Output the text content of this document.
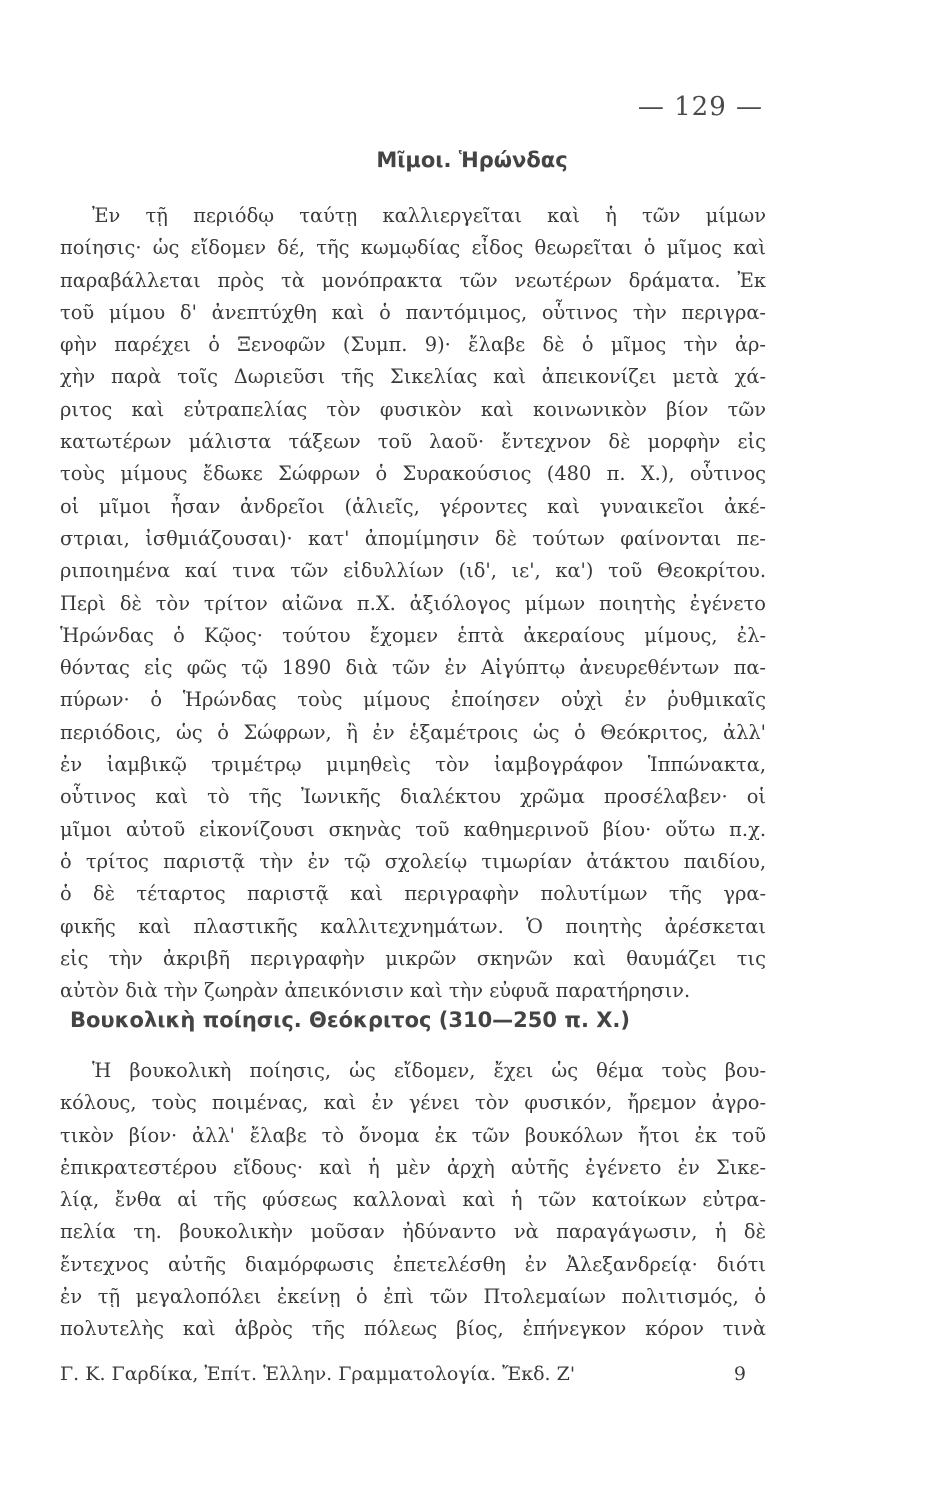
— 129 —
Μῖμοι. Ἡρώνδας
Ἐν τῇ περιόδῳ ταύτῃ καλλιεργεῖται καὶ ἡ τῶν μίμων
ποίησις· ὡς εἴδομεν δέ, τῆς κωμῳδίας εἶδος θεωρεῖται ὁ μῖμος καὶ
παραβάλλεται πρὸς τὰ μονόπρακτα τῶν νεωτέρων δράματα. Ἐκ
τοῦ μίμου δ' ἀνεπτύχθη καὶ ὁ παντόμιμος, οὗτινος τὴν περιγρα-
φὴν παρέχει ὁ Ξενοφῶν (Συμπ. 9)· ἔλαβε δὲ ὁ μῖμος τὴν ἀρ-
χὴν παρὰ τοῖς Δωριεῦσι τῆς Σικελίας καὶ ἀπεικονίζει μετὰ χά-
ριτος καὶ εὐτραπελίας τὸν φυσικὸν καὶ κοινωνικὸν βίον τῶν
κατωτέρων μάλιστα τάξεων τοῦ λαοῦ· ἔντεχνον δὲ μορφὴν εἰς
τοὺς μίμους ἔδωκε Σώφρων ὁ Συρακούσιος (480 π. Χ.), οὗτινος
οἱ μῖμοι ἦσαν ἀνδρεῖοι (ἁλιεῖς, γέροντες καὶ γυναικεῖοι ἀκέ-
στριαι, ἰσθμιάζουσαι)· κατ' ἀπομίμησιν δὲ τούτων φαίνονται πε-
ριποιημένα καί τινα τῶν εἰδυλλίων (ιδ', ιε', κα') τοῦ Θεοκρίτου.
Περὶ δὲ τὸν τρίτον αἰῶνα π.Χ. ἀξιόλογος μίμων ποιητὴς ἐγένετο
Ἡρώνδας ὁ Κῷος· τούτου ἔχομεν ἑπτὰ ἀκεραίους μίμους, ἐλ-
θόντας εἰς φῶς τῷ 1890 διὰ τῶν ἐν Αἰγύπτῳ ἀνευρεθέντων πα-
πύρων· ὁ Ἡρώνδας τοὺς μίμους ἐποίησεν οὐχὶ ἐν ῥυθμικαῖς
περιόδοις, ὡς ὁ Σώφρων, ἢ ἐν ἑξαμέτροις ὡς ὁ Θεόκριτος, ἀλλ'
ἐν ἰαμβικῷ τριμέτρῳ μιμηθεὶς τὸν ἰαμβογράφον Ἱππώνακτα,
οὗτινος καὶ τὸ τῆς Ἰωνικῆς διαλέκτου χρῶμα προσέλαβεν· οἱ
μῖμοι αὐτοῦ εἰκονίζουσι σκηνὰς τοῦ καθημερινοῦ βίου· οὕτω π.χ.
ὁ τρίτος παριστᾷ τὴν ἐν τῷ σχολείῳ τιμωρίαν ἀτάκτου παιδίου,
ὁ δὲ τέταρτος παριστᾷ καὶ περιγραφὴν πολυτίμων τῆς γρα-
φικῆς καὶ πλαστικῆς καλλιτεχνημάτων. Ὁ ποιητὴς ἀρέσκεται
εἰς τὴν ἀκριβῆ περιγραφὴν μικρῶν σκηνῶν καὶ θαυμάζει τις
αὐτὸν διὰ τὴν ζωηρὰν ἀπεικόνισιν καὶ τὴν εὐφυᾶ παρατήρησιν.
Βουκολικὴ ποίησις. Θεόκριτος (310—250 π. Χ.)
Ἡ βουκολικὴ ποίησις, ὡς εἴδομεν, ἔχει ὡς θέμα τοὺς βου-
κόλους, τοὺς ποιμένας, καὶ ἐν γένει τὸν φυσικόν, ἤρεμον ἀγρο-
τικὸν βίον· ἀλλ' ἔλαβε τὸ ὄνομα ἐκ τῶν βουκόλων ἤτοι ἐκ τοῦ
ἐπικρατεστέρου εἴδους· καὶ ἡ μὲν ἀρχὴ αὐτῆς ἐγένετο ἐν Σικε-
λίᾳ, ἔνθα αἱ τῆς φύσεως καλλοναὶ καὶ ἡ τῶν κατοίκων εὐτρα-
πελία τη. βουκολικὴν μοῦσαν ἠδύναντο νὰ παραγάγωσιν, ἡ δὲ
ἔντεχνος αὐτῆς διαμόρφωσις ἐπετελέσθη ἐν Ἀλεξανδρείᾳ· διότι
ἐν τῇ μεγαλοπόλει ἐκείνῃ ὁ ἐπὶ τῶν Πτολεμαίων πολιτισμός, ὁ
πολυτελὴς καὶ ἁβρὸς τῆς πόλεως βίος, ἐπήνεγκον κόρον τινὰ
Γ. Κ. Γαρδίκα, Ἐπίτ. Ἑλλην. Γραμματολογία. Ἔκδ. Ζ'	9
